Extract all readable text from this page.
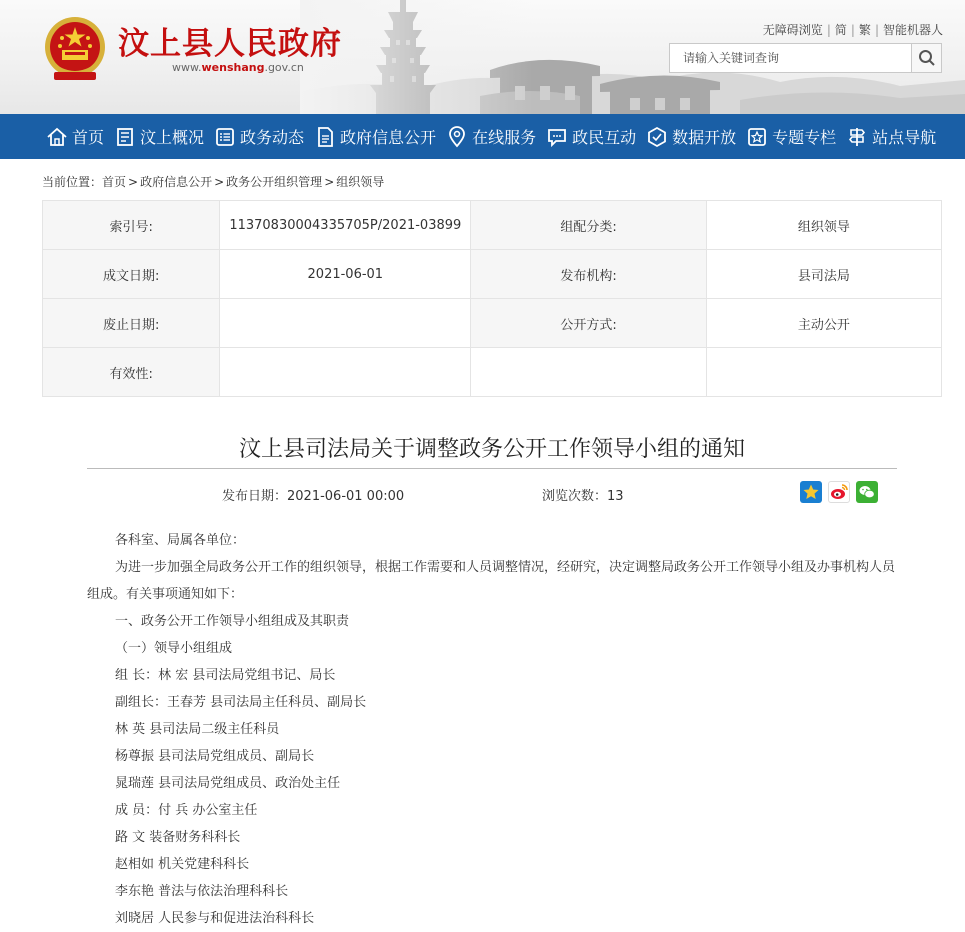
汶上县人民政府
www.wenshang.gov.cn
无障碍浏览 | 简 | 繁 | 智能机器人
请输入关键词查询
首页 汶上概况 政务动态 政府信息公开 在线服务 政民互动 数据开放 专题专栏 站点导航
当前位置：首页 > 政府信息公开 > 政务公开组织管理 > 组织领导
索引号:	11370830004335705P/2021-03899	组配分类:	组织领导
成文日期:	2021-06-01	发布机构:	县司法局
废止日期:		公开方式:	主动公开
有效性:			
汶上县司法局关于调整政务公开工作领导小组的通知
发布日期：2021-06-01 00:00	浏览次数：13

各科室、局属各单位：

为进一步加强全局政务公开工作的组织领导，根据工作需要和人员调整情况，经研究，决定调整局政务公开工作领导小组及办事机构人员组成。有关事项通知如下：

一、政务公开工作领导小组组成及其职责

（一）领导小组组成

组 长：林 宏 县司法局党组书记、局长

副组长：王春芳 县司法局主任科员、副局长

林 英 县司法局二级主任科员

杨尊振 县司法局党组成员、副局长

晁瑞莲 县司法局党组成员、政治处主任

成 员：付 兵 办公室主任

路 文 装备财务科科长

赵相如 机关党建科科长

李东艳 普法与依法治理科科长

刘晓居 人民参与和促进法治科科长
